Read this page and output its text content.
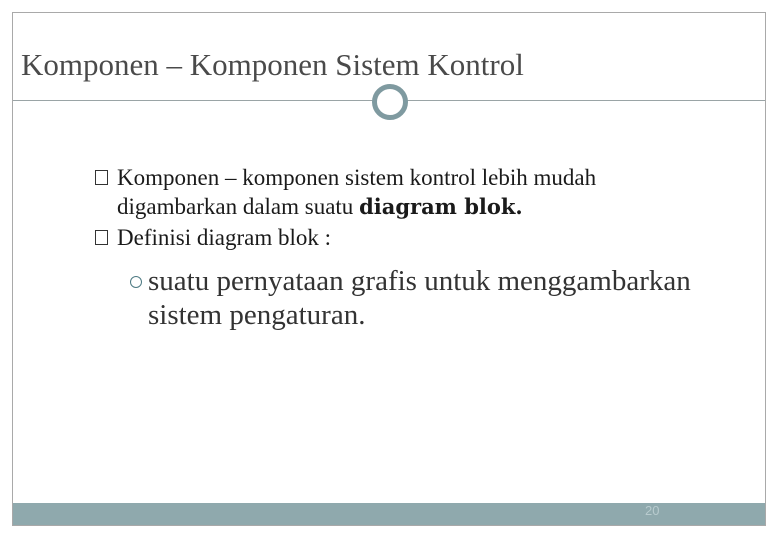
Komponen – Komponen Sistem Kontrol
Komponen – komponen sistem kontrol lebih mudah digambarkan dalam suatu diagram blok.
Definisi diagram blok :
suatu pernyataan grafis untuk menggambarkan sistem pengaturan.
20
